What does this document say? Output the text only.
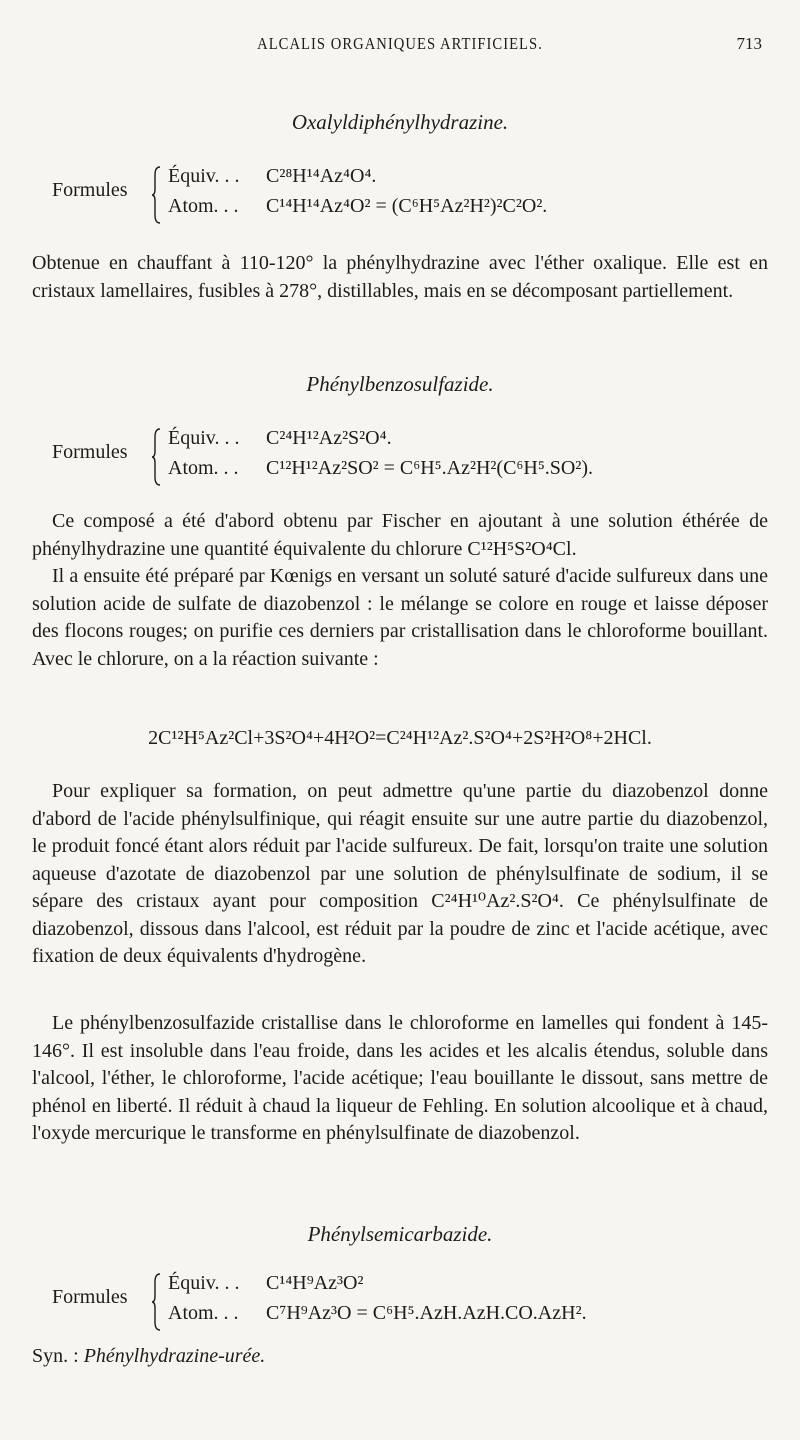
ALCALIS ORGANIQUES ARTIFICIELS.	713
Oxalyldiphénylhydrazine.
Formules
Équiv. . . C²⁸H¹⁴Az⁴O⁴.
Atom. . . C¹⁴H¹⁴Az⁴O² = (C⁶H⁵Az²H²)²C²O².

Obtenue en chauffant à 110-120° la phénylhydrazine avec l'éther oxalique. Elle est en cristaux lamellaires, fusibles à 278°, distillables, mais en se décomposant partiellement.

Phénylbenzosulfazide.
Formules
Équiv. . . C²⁴H¹²Az²S²O⁴.
Atom. . . C¹²H¹²Az²SO² = C⁶H⁵.Az²H²(C⁶H⁵.SO²).

Ce composé a été d'abord obtenu par Fischer en ajoutant à une solution éthérée de phénylhydrazine une quantité équivalente du chlorure C¹²H⁵S²O⁴Cl.

Il a ensuite été préparé par Kœnigs en versant un soluté saturé d'acide sulfureux dans une solution acide de sulfate de diazobenzol : le mélange se colore en rouge et laisse déposer des flocons rouges; on purifie ces derniers par cristallisation dans le chloroforme bouillant. Avec le chlorure, on a la réaction suivante :

2C¹²H⁵Az²Cl+3S²O⁴+4H²O²=C²⁴H¹²Az².S²O⁴+2S²H²O⁸+2HCl.

Pour expliquer sa formation, on peut admettre qu'une partie du diazobenzol donne d'abord de l'acide phénylsulfinique, qui réagit ensuite sur une autre partie du diazobenzol, le produit foncé étant alors réduit par l'acide sulfureux. De fait, lorsqu'on traite une solution aqueuse d'azotate de diazobenzol par une solution de phénylsulfinate de sodium, il se sépare des cristaux ayant pour composition C²⁴H¹⁰Az².S²O⁴. Ce phénylsulfinate de diazobenzol, dissous dans l'alcool, est réduit par la poudre de zinc et l'acide acétique, avec fixation de deux équivalents d'hydrogène.

Le phénylbenzosulfazide cristallise dans le chloroforme en lamelles qui fondent à 145-146°. Il est insoluble dans l'eau froide, dans les acides et les alcalis étendus, soluble dans l'alcool, l'éther, le chloroforme, l'acide acétique; l'eau bouillante le dissout, sans mettre de phénol en liberté. Il réduit à chaud la liqueur de Fehling. En solution alcoolique et à chaud, l'oxyde mercurique le transforme en phénylsulfinate de diazobenzol.

Phénylsemicarbazide.
Formules
Équiv. . . C¹⁴H⁹Az³O²
Atom. . . C⁷H⁹Az³O = C⁶H⁵.AzH.AzH.CO.AzH².
Syn. : Phénylhydrazine-urée.
